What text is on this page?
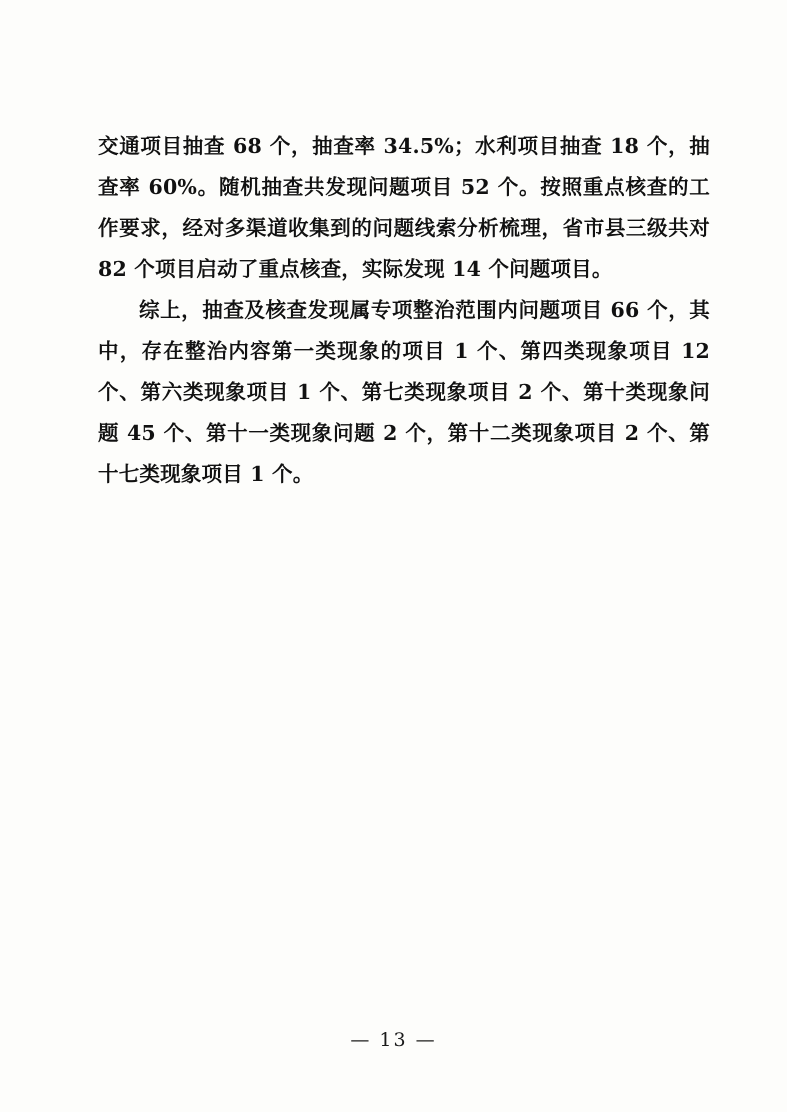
交通项目抽查 68 个，抽查率 34.5%；水利项目抽查 18 个，抽查率 60%。随机抽查共发现问题项目 52 个。按照重点核查的工作要求，经对多渠道收集到的问题线索分析梳理，省市县三级共对 82 个项目启动了重点核查，实际发现 14 个问题项目。

综上，抽查及核查发现属专项整治范围内问题项目 66 个，其中，存在整治内容第一类现象的项目 1 个、第四类现象项目 12 个、第六类现象项目 1 个、第七类现象项目 2 个、第十类现象问题 45 个、第十一类现象问题 2 个，第十二类现象项目 2 个、第十七类现象项目 1 个。

— 13 —
